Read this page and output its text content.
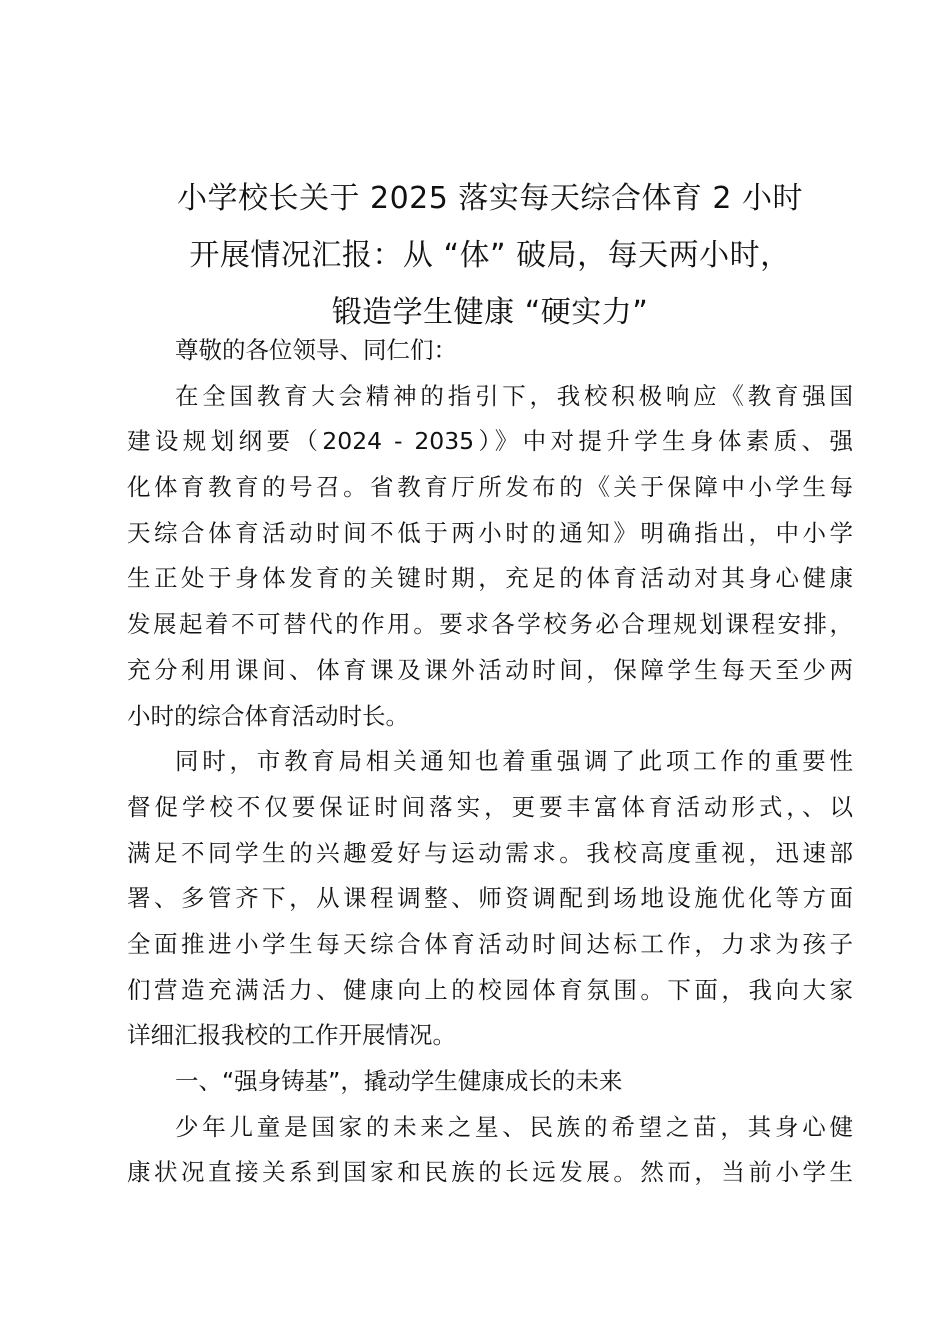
小学校长关于 2025 落实每天综合体育 2 小时
开展情况汇报：从 “体” 破局，每天两小时，
锻造学生健康 “硬实力”
尊敬的各位领导、同仁们：
在全国教育大会精神的指引下，我校积极响应《教育强国
建设规划纲要（2024 - 2035）》中对提升学生身体素质、强
化体育教育的号召。省教育厅所发布的《关于保障中小学生每
天综合体育活动时间不低于两小时的通知》明确指出，中小学
生正处于身体发育的关键时期，充足的体育活动对其身心健康
发展起着不可替代的作用。要求各学校务必合理规划课程安排，
充分利用课间、体育课及课外活动时间，保障学生每天至少两
小时的综合体育活动时长。
同时，市教育局相关通知也着重强调了此项工作的重要性
督促学校不仅要保证时间落实，更要丰富体育活动形式，、以
满足不同学生的兴趣爱好与运动需求。我校高度重视，迅速部
署、多管齐下，从课程调整、师资调配到场地设施优化等方面
全面推进小学生每天综合体育活动时间达标工作，力求为孩子
们营造充满活力、健康向上的校园体育氛围。下面，我向大家
详细汇报我校的工作开展情况。
一、“强身铸基”，撬动学生健康成长的未来
少年儿童是国家的未来之星、民族的希望之苗，其身心健
康状况直接关系到国家和民族的长远发展。然而，当前小学生
